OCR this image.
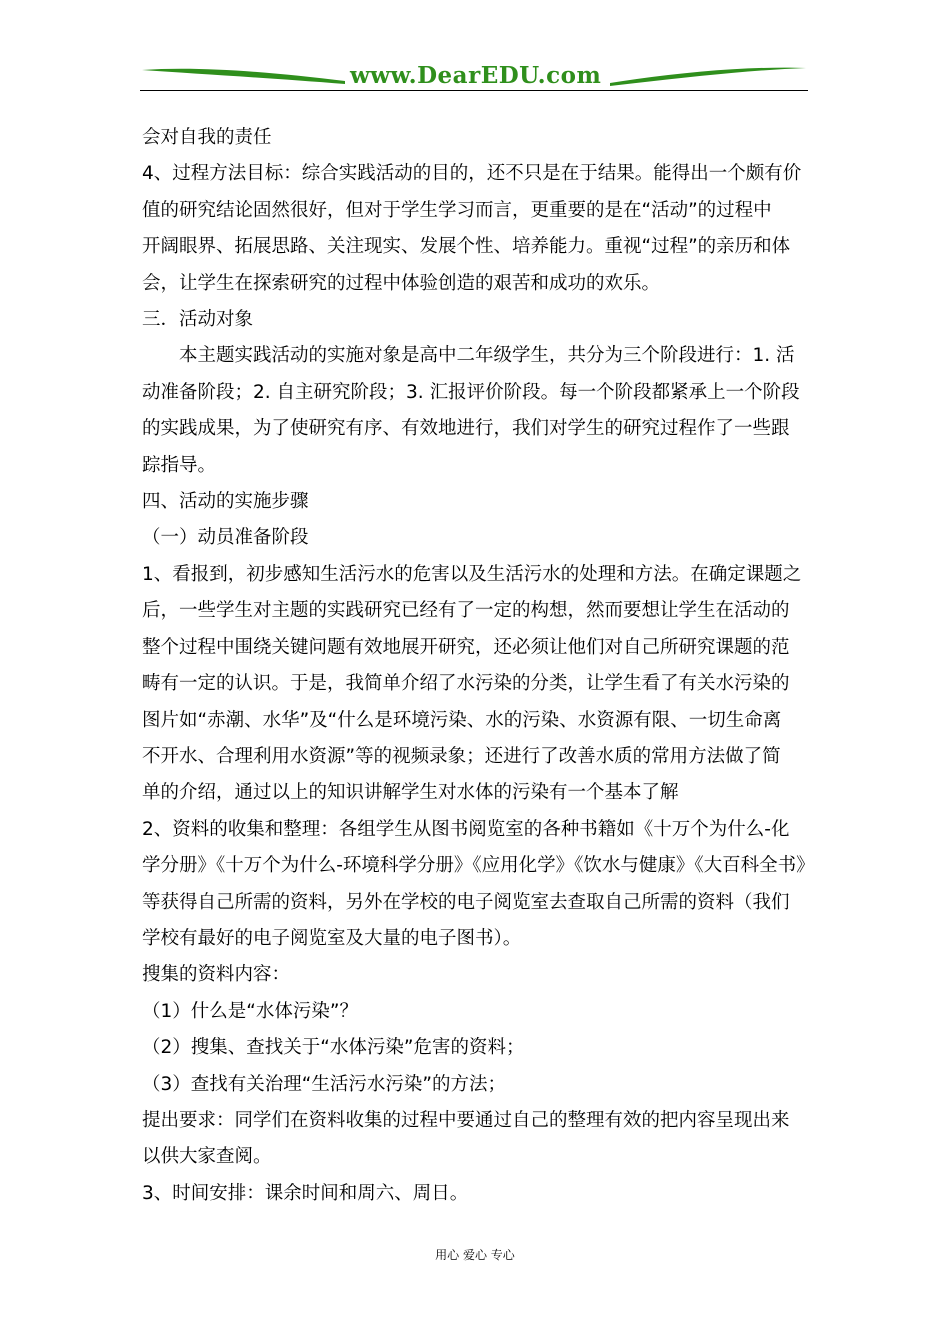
www.DearEDU.com
会对自我的责任
4、过程方法目标：综合实践活动的目的，还不只是在于结果。能得出一个颇有价
值的研究结论固然很好，但对于学生学习而言，更重要的是在“活动”的过程中
开阔眼界、拓展思路、关注现实、发展个性、培养能力。重视“过程”的亲历和体
会，让学生在探索研究的过程中体验创造的艰苦和成功的欢乐。
三．活动对象
本主题实践活动的实施对象是高中二年级学生，共分为三个阶段进行：1. 活
动准备阶段；2. 自主研究阶段；3. 汇报评价阶段。每一个阶段都紧承上一个阶段
的实践成果，为了使研究有序、有效地进行，我们对学生的研究过程作了一些跟
踪指导。
四、活动的实施步骤
（一）动员准备阶段
1、看报到，初步感知生活污水的危害以及生活污水的处理和方法。在确定课题之
后，一些学生对主题的实践研究已经有了一定的构想，然而要想让学生在活动的
整个过程中围绕关键问题有效地展开研究，还必须让他们对自己所研究课题的范
畴有一定的认识。于是，我简单介绍了水污染的分类，让学生看了有关水污染的
图片如“赤潮、水华”及“什么是环境污染、水的污染、水资源有限、一切生命离
不开水、合理利用水资源”等的视频录象；还进行了改善水质的常用方法做了简
单的介绍，通过以上的知识讲解学生对水体的污染有一个基本了解
2、资料的收集和整理：各组学生从图书阅览室的各种书籍如《十万个为什么-化
学分册》《十万个为什么-环境科学分册》《应用化学》《饮水与健康》《大百科全书》
等获得自己所需的资料，另外在学校的电子阅览室去查取自己所需的资料（我们
学校有最好的电子阅览室及大量的电子图书）。
搜集的资料内容：
（1）什么是“水体污染”？
（2）搜集、查找关于“水体污染”危害的资料；
（3）查找有关治理“生活污水污染”的方法；
提出要求：同学们在资料收集的过程中要通过自己的整理有效的把内容呈现出来
以供大家查阅。
3、时间安排：课余时间和周六、周日。
用心 爱心 专心
